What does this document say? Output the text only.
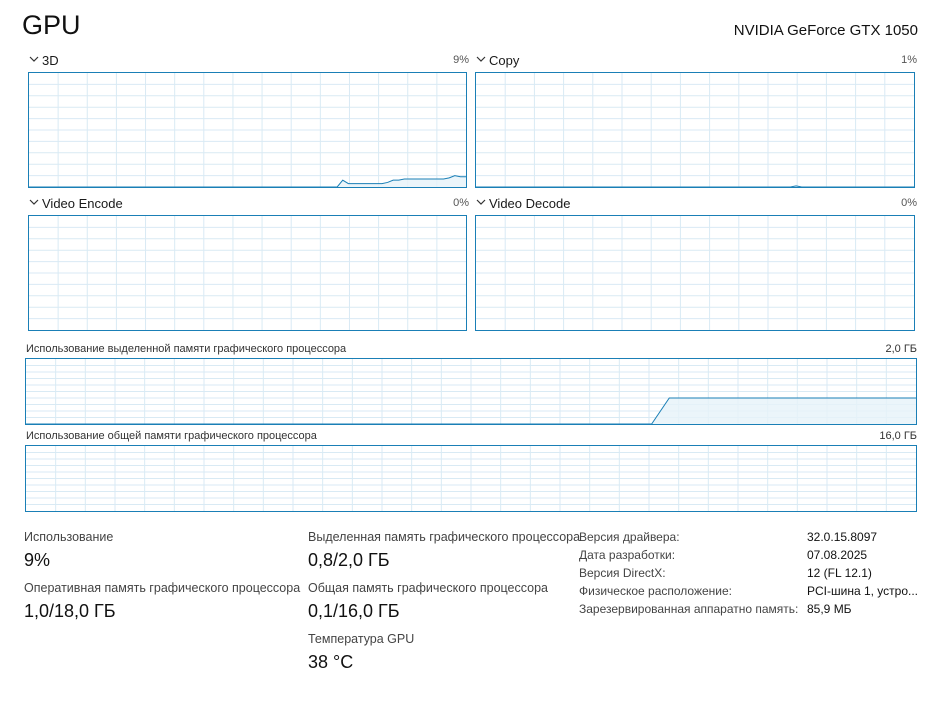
GPU	NVIDIA GeForce GTX 1050
3D	9% Copy	1%
Video Encode	0% Video Decode	0%
Использование выделенной памяти графического процессора	2,0 ГБ
Использование общей памяти графического процессора	16,0 ГБ
Использование
9%
Оперативная память графического процессора
1,0/18,0 ГБ
Выделенная память графического процессора
0,8/2,0 ГБ
Общая память графического процессора
0,1/16,0 ГБ
Температура GPU
38 °C
Версия драйвера:	32.0.15.8097
Дата разработки:	07.08.2025
Версия DirectX:	12 (FL 12.1)
Физическое расположение:	PCI-шина 1, устро...
Зарезервированная аппаратно память: 85,9 МБ
